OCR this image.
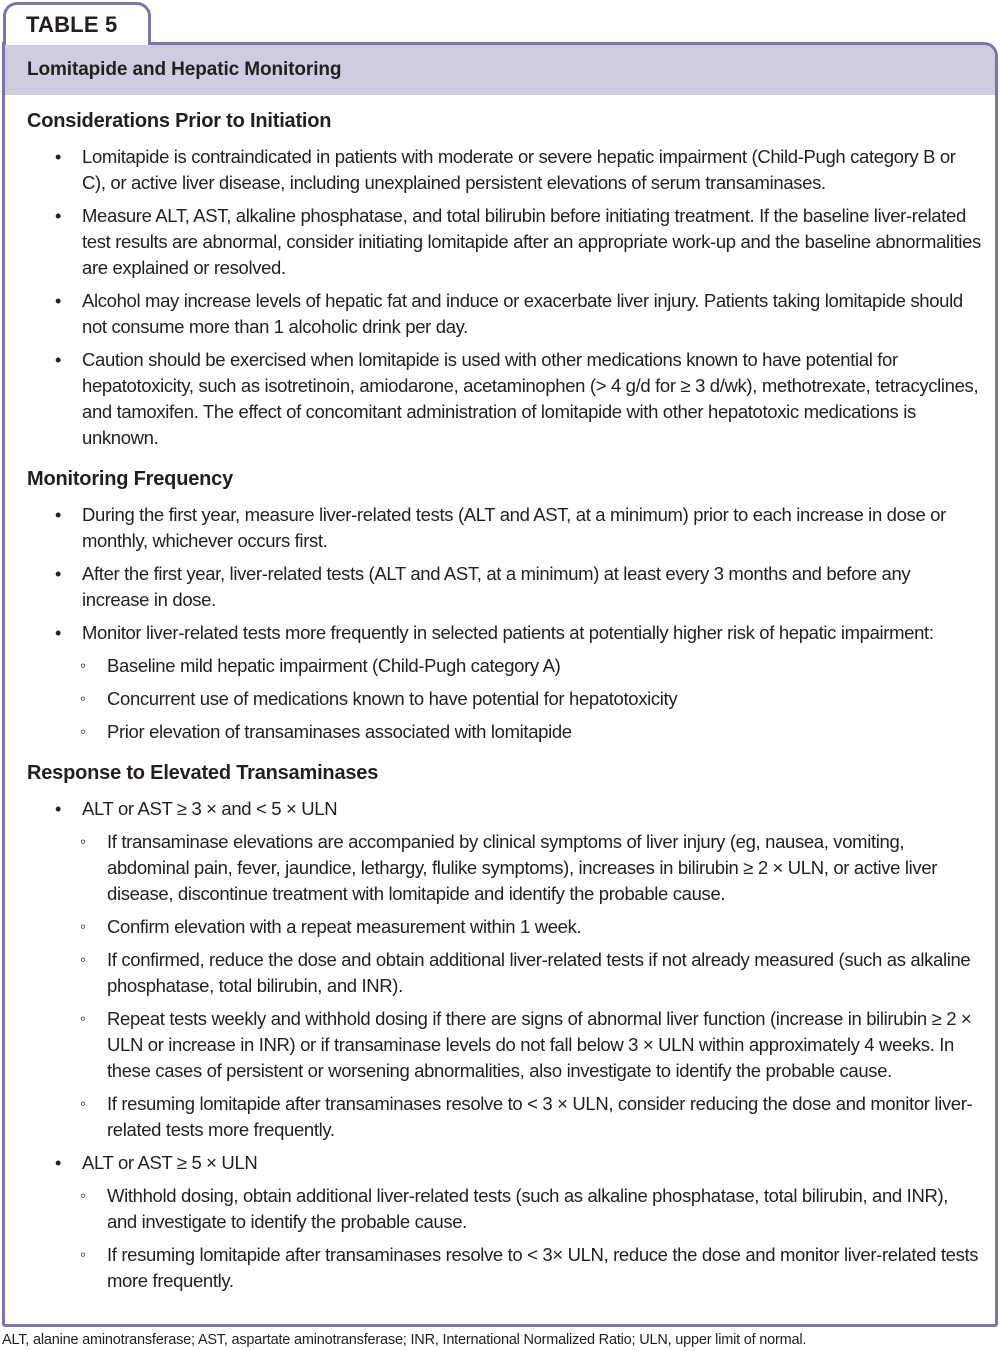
TABLE 5
Lomitapide and Hepatic Monitoring
Considerations Prior to Initiation
• Lomitapide is contraindicated in patients with moderate or severe hepatic impairment (Child-Pugh category B or C), or active liver disease, including unexplained persistent elevations of serum transaminases.
• Measure ALT, AST, alkaline phosphatase, and total bilirubin before initiating treatment. If the baseline liver-related test results are abnormal, consider initiating lomitapide after an appropriate work-up and the baseline abnormalities are explained or resolved.
• Alcohol may increase levels of hepatic fat and induce or exacerbate liver injury. Patients taking lomitapide should not consume more than 1 alcoholic drink per day.
• Caution should be exercised when lomitapide is used with other medications known to have potential for hepatotoxicity, such as isotretinoin, amiodarone, acetaminophen (> 4 g/d for ≥ 3 d/wk), methotrexate, tetracyclines, and tamoxifen. The effect of concomitant administration of lomitapide with other hepatotoxic medications is unknown.
Monitoring Frequency
• During the first year, measure liver-related tests (ALT and AST, at a minimum) prior to each increase in dose or monthly, whichever occurs first.
• After the first year, liver-related tests (ALT and AST, at a minimum) at least every 3 months and before any increase in dose.
• Monitor liver-related tests more frequently in selected patients at potentially higher risk of hepatic impairment:
◦ Baseline mild hepatic impairment (Child-Pugh category A)
◦ Concurrent use of medications known to have potential for hepatotoxicity
◦ Prior elevation of transaminases associated with lomitapide
Response to Elevated Transaminases
• ALT or AST ≥ 3 × and < 5 × ULN
◦ If transaminase elevations are accompanied by clinical symptoms of liver injury (eg, nausea, vomiting, abdominal pain, fever, jaundice, lethargy, flulike symptoms), increases in bilirubin ≥ 2 × ULN, or active liver disease, discontinue treatment with lomitapide and identify the probable cause.
◦ Confirm elevation with a repeat measurement within 1 week.
◦ If confirmed, reduce the dose and obtain additional liver-related tests if not already measured (such as alkaline phosphatase, total bilirubin, and INR).
◦ Repeat tests weekly and withhold dosing if there are signs of abnormal liver function (increase in bilirubin ≥ 2 × ULN or increase in INR) or if transaminase levels do not fall below 3 × ULN within approximately 4 weeks. In these cases of persistent or worsening abnormalities, also investigate to identify the probable cause.
◦ If resuming lomitapide after transaminases resolve to < 3 × ULN, consider reducing the dose and monitor liver-related tests more frequently.
• ALT or AST ≥ 5 × ULN
◦ Withhold dosing, obtain additional liver-related tests (such as alkaline phosphatase, total bilirubin, and INR), and investigate to identify the probable cause.
◦ If resuming lomitapide after transaminases resolve to < 3× ULN, reduce the dose and monitor liver-related tests more frequently.
ALT, alanine aminotransferase; AST, aspartate aminotransferase; INR, International Normalized Ratio; ULN, upper limit of normal.
